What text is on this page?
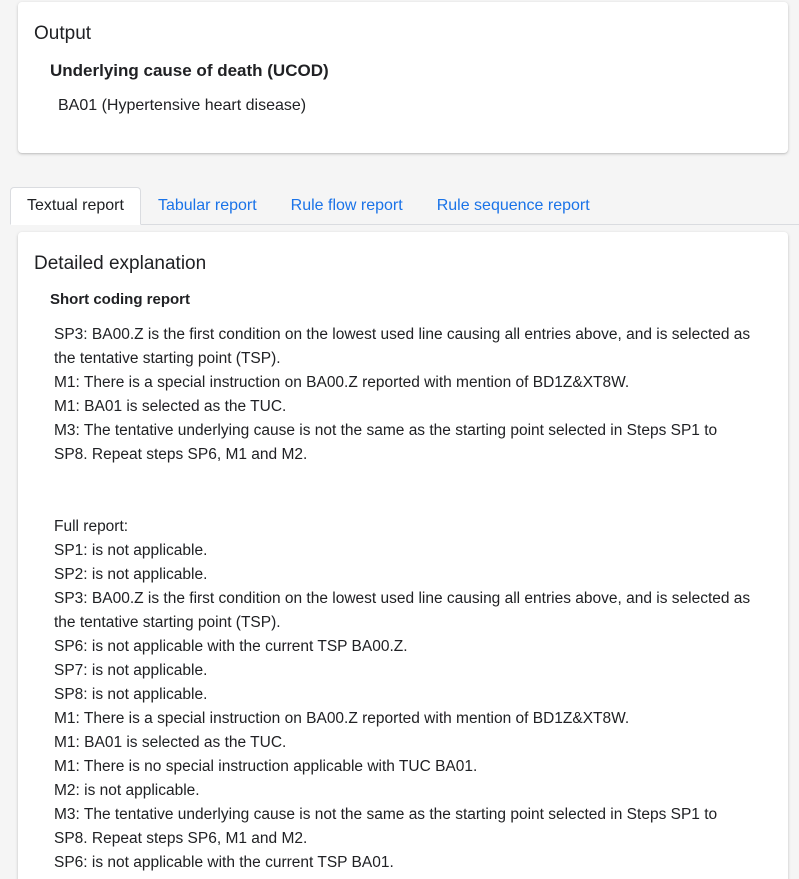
Output
Underlying cause of death (UCOD)
BA01 (Hypertensive heart disease)
Textual report	Tabular report	Rule flow report	Rule sequence report
Detailed explanation
Short coding report
SP3: BA00.Z is the first condition on the lowest used line causing all entries above, and is selected as the tentative starting point (TSP).
M1: There is a special instruction on BA00.Z reported with mention of BD1Z&XT8W.
M1: BA01 is selected as the TUC.
M3: The tentative underlying cause is not the same as the starting point selected in Steps SP1 to SP8. Repeat steps SP6, M1 and M2.
Full report:
SP1: is not applicable.
SP2: is not applicable.
SP3: BA00.Z is the first condition on the lowest used line causing all entries above, and is selected as the tentative starting point (TSP).
SP6: is not applicable with the current TSP BA00.Z.
SP7: is not applicable.
SP8: is not applicable.
M1: There is a special instruction on BA00.Z reported with mention of BD1Z&XT8W.
M1: BA01 is selected as the TUC.
M1: There is no special instruction applicable with TUC BA01.
M2: is not applicable.
M3: The tentative underlying cause is not the same as the starting point selected in Steps SP1 to SP8. Repeat steps SP6, M1 and M2.
SP6: is not applicable with the current TSP BA01.
